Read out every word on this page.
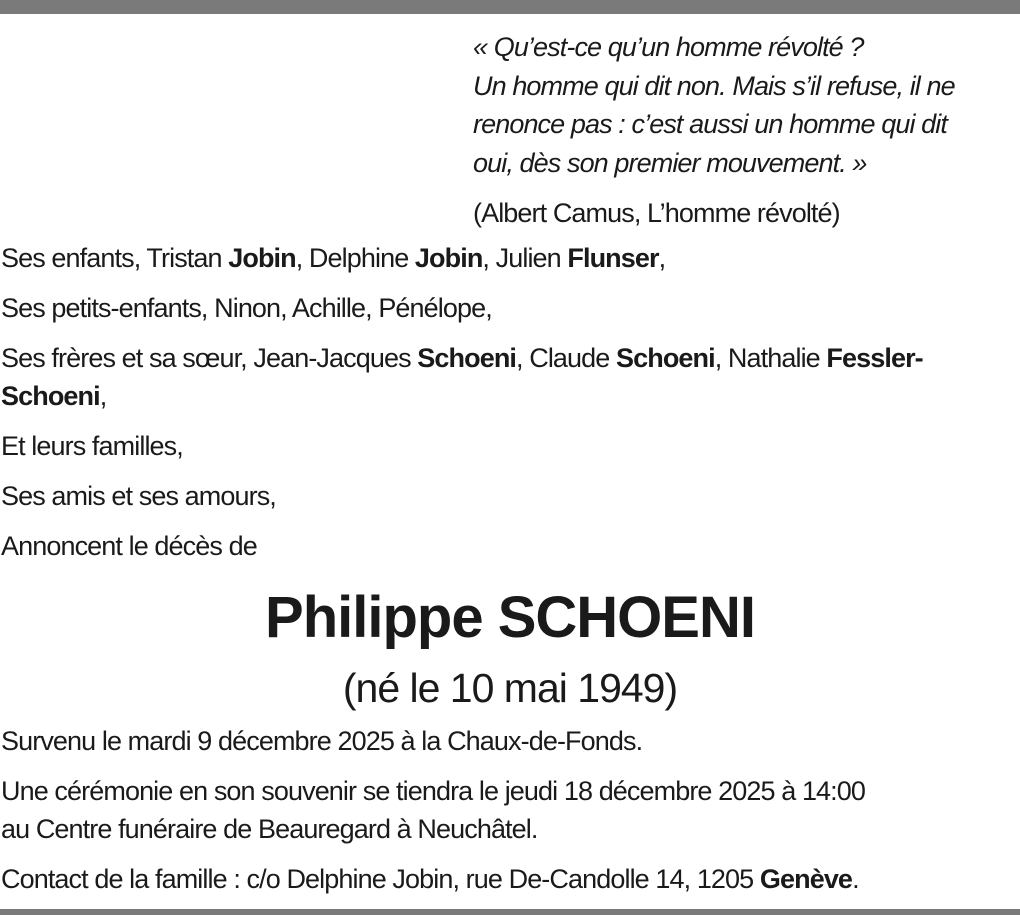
« Qu’est-ce qu’un homme révolté ?
Un homme qui dit non. Mais s’il refuse, il ne
renonce pas : c’est aussi un homme qui dit
oui, dès son premier mouvement. »
(Albert Camus, L’homme révolté)

Ses enfants, Tristan Jobin, Delphine Jobin, Julien Flunser,

Ses petits-enfants, Ninon, Achille, Pénélope,

Ses frères et sa sœur, Jean-Jacques Schoeni, Claude Schoeni, Nathalie Fessler-Schoeni,

Et leurs familles,

Ses amis et ses amours,

Annoncent le décès de

Philippe SCHOENI
(né le 10 mai 1949)

Survenu le mardi 9 décembre 2025 à la Chaux-de-Fonds.

Une cérémonie en son souvenir se tiendra le jeudi 18 décembre 2025 à 14:00
au Centre funéraire de Beauregard à Neuchâtel.

Contact de la famille : c/o Delphine Jobin, rue De-Candolle 14, 1205 Genève.
